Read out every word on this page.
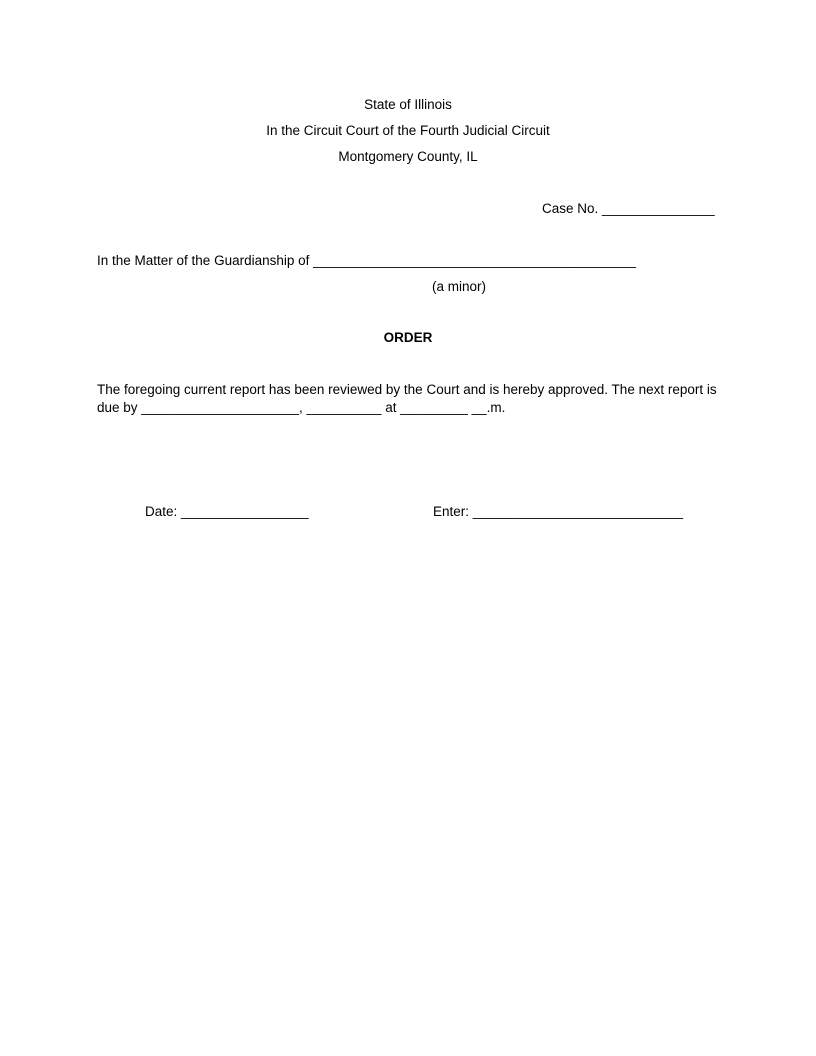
State of Illinois
In the Circuit Court of the Fourth Judicial Circuit
Montgomery County, IL
Case No. _______________
In the Matter of the Guardianship of ___________________________________________
(a minor)
ORDER
The foregoing current report has been reviewed by the Court and is hereby approved. The next report is
due by _____________________, __________ at _________ __.m.
Date: _________________	Enter: ____________________________
